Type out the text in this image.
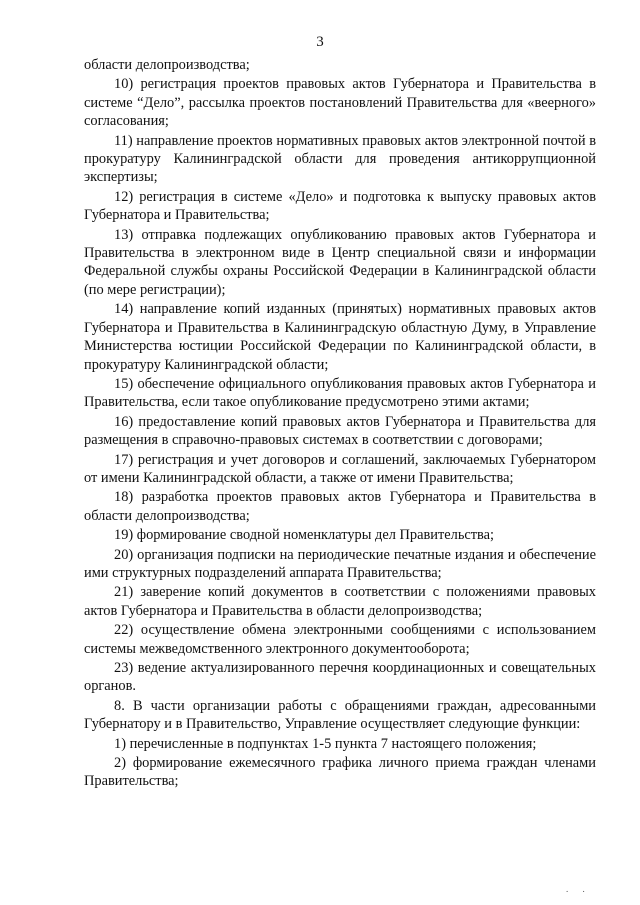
3

области делопроизводства;

10) регистрация проектов правовых актов Губернатора и Правительства в системе “Дело”, рассылка проектов постановлений Правительства для «веерного» согласования;

11) направление проектов нормативных правовых актов электронной почтой в прокуратуру Калининградской области для проведения антикоррупционной экспертизы;

12) регистрация в системе «Дело» и подготовка к выпуску правовых актов Губернатора и Правительства;

13) отправка подлежащих опубликованию правовых актов Губернатора и Правительства в электронном виде в Центр специальной связи и информации Федеральной службы охраны Российской Федерации в Калининградской области (по мере регистрации);

14) направление копий изданных (принятых) нормативных правовых актов Губернатора и Правительства в Калининградскую областную Думу, в Управление Министерства юстиции Российской Федерации по Калининградской области, в прокуратуру Калининградской области;

15) обеспечение официального опубликования правовых актов Губернатора и Правительства, если такое опубликование предусмотрено этими актами;

16) предоставление копий правовых актов Губернатора и Правительства для размещения в справочно-правовых системах в соответствии с договорами;

17) регистрация и учет договоров и соглашений, заключаемых Губернатором от имени Калининградской области, а также от имени Правительства;

18) разработка проектов правовых актов Губернатора и Правительства в области делопроизводства;

19) формирование сводной номенклатуры дел Правительства;

20) организация подписки на периодические печатные издания и обеспечение ими структурных подразделений аппарата Правительства;

21) заверение копий документов в соответствии с положениями правовых актов Губернатора и Правительства в области делопроизводства;

22) осуществление обмена электронными сообщениями с использованием системы межведомственного электронного документооборота;

23) ведение актуализированного перечня координационных и совещательных органов.

8. В части организации работы с обращениями граждан, адресованными Губернатору и в Правительство, Управление осуществляет следующие функции:

1) перечисленные в подпунктах 1-5 пункта 7 настоящего положения;

2) формирование ежемесячного графика личного приема граждан членами Правительства;

. .
